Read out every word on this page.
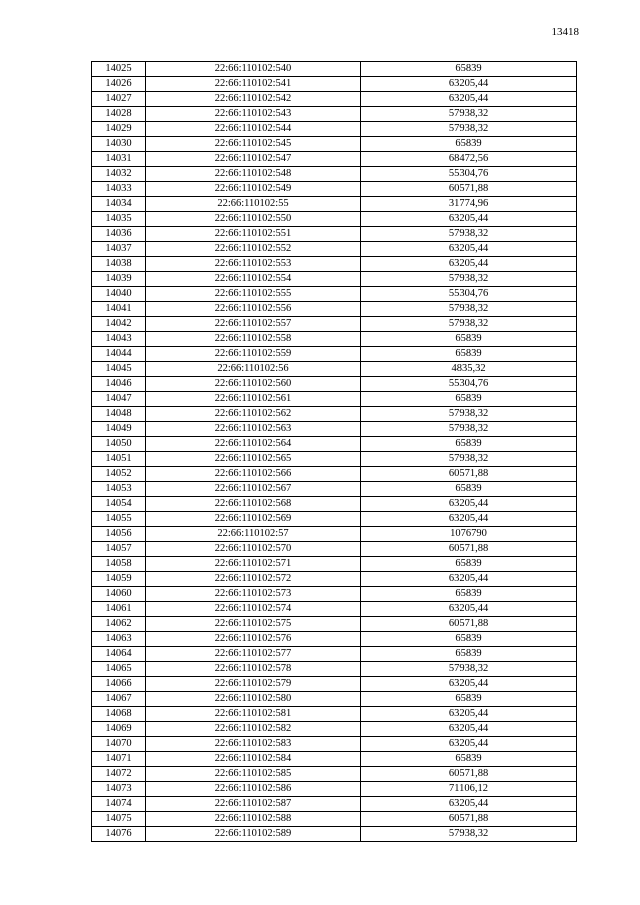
13418
14025	22:66:110102:540	65839
14026	22:66:110102:541	63205,44
14027	22:66:110102:542	63205,44
14028	22:66:110102:543	57938,32
14029	22:66:110102:544	57938,32
14030	22:66:110102:545	65839
14031	22:66:110102:547	68472,56
14032	22:66:110102:548	55304,76
14033	22:66:110102:549	60571,88
14034	22:66:110102:55	31774,96
14035	22:66:110102:550	63205,44
14036	22:66:110102:551	57938,32
14037	22:66:110102:552	63205,44
14038	22:66:110102:553	63205,44
14039	22:66:110102:554	57938,32
14040	22:66:110102:555	55304,76
14041	22:66:110102:556	57938,32
14042	22:66:110102:557	57938,32
14043	22:66:110102:558	65839
14044	22:66:110102:559	65839
14045	22:66:110102:56	4835,32
14046	22:66:110102:560	55304,76
14047	22:66:110102:561	65839
14048	22:66:110102:562	57938,32
14049	22:66:110102:563	57938,32
14050	22:66:110102:564	65839
14051	22:66:110102:565	57938,32
14052	22:66:110102:566	60571,88
14053	22:66:110102:567	65839
14054	22:66:110102:568	63205,44
14055	22:66:110102:569	63205,44
14056	22:66:110102:57	1076790
14057	22:66:110102:570	60571,88
14058	22:66:110102:571	65839
14059	22:66:110102:572	63205,44
14060	22:66:110102:573	65839
14061	22:66:110102:574	63205,44
14062	22:66:110102:575	60571,88
14063	22:66:110102:576	65839
14064	22:66:110102:577	65839
14065	22:66:110102:578	57938,32
14066	22:66:110102:579	63205,44
14067	22:66:110102:580	65839
14068	22:66:110102:581	63205,44
14069	22:66:110102:582	63205,44
14070	22:66:110102:583	63205,44
14071	22:66:110102:584	65839
14072	22:66:110102:585	60571,88
14073	22:66:110102:586	71106,12
14074	22:66:110102:587	63205,44
14075	22:66:110102:588	60571,88
14076	22:66:110102:589	57938,32
